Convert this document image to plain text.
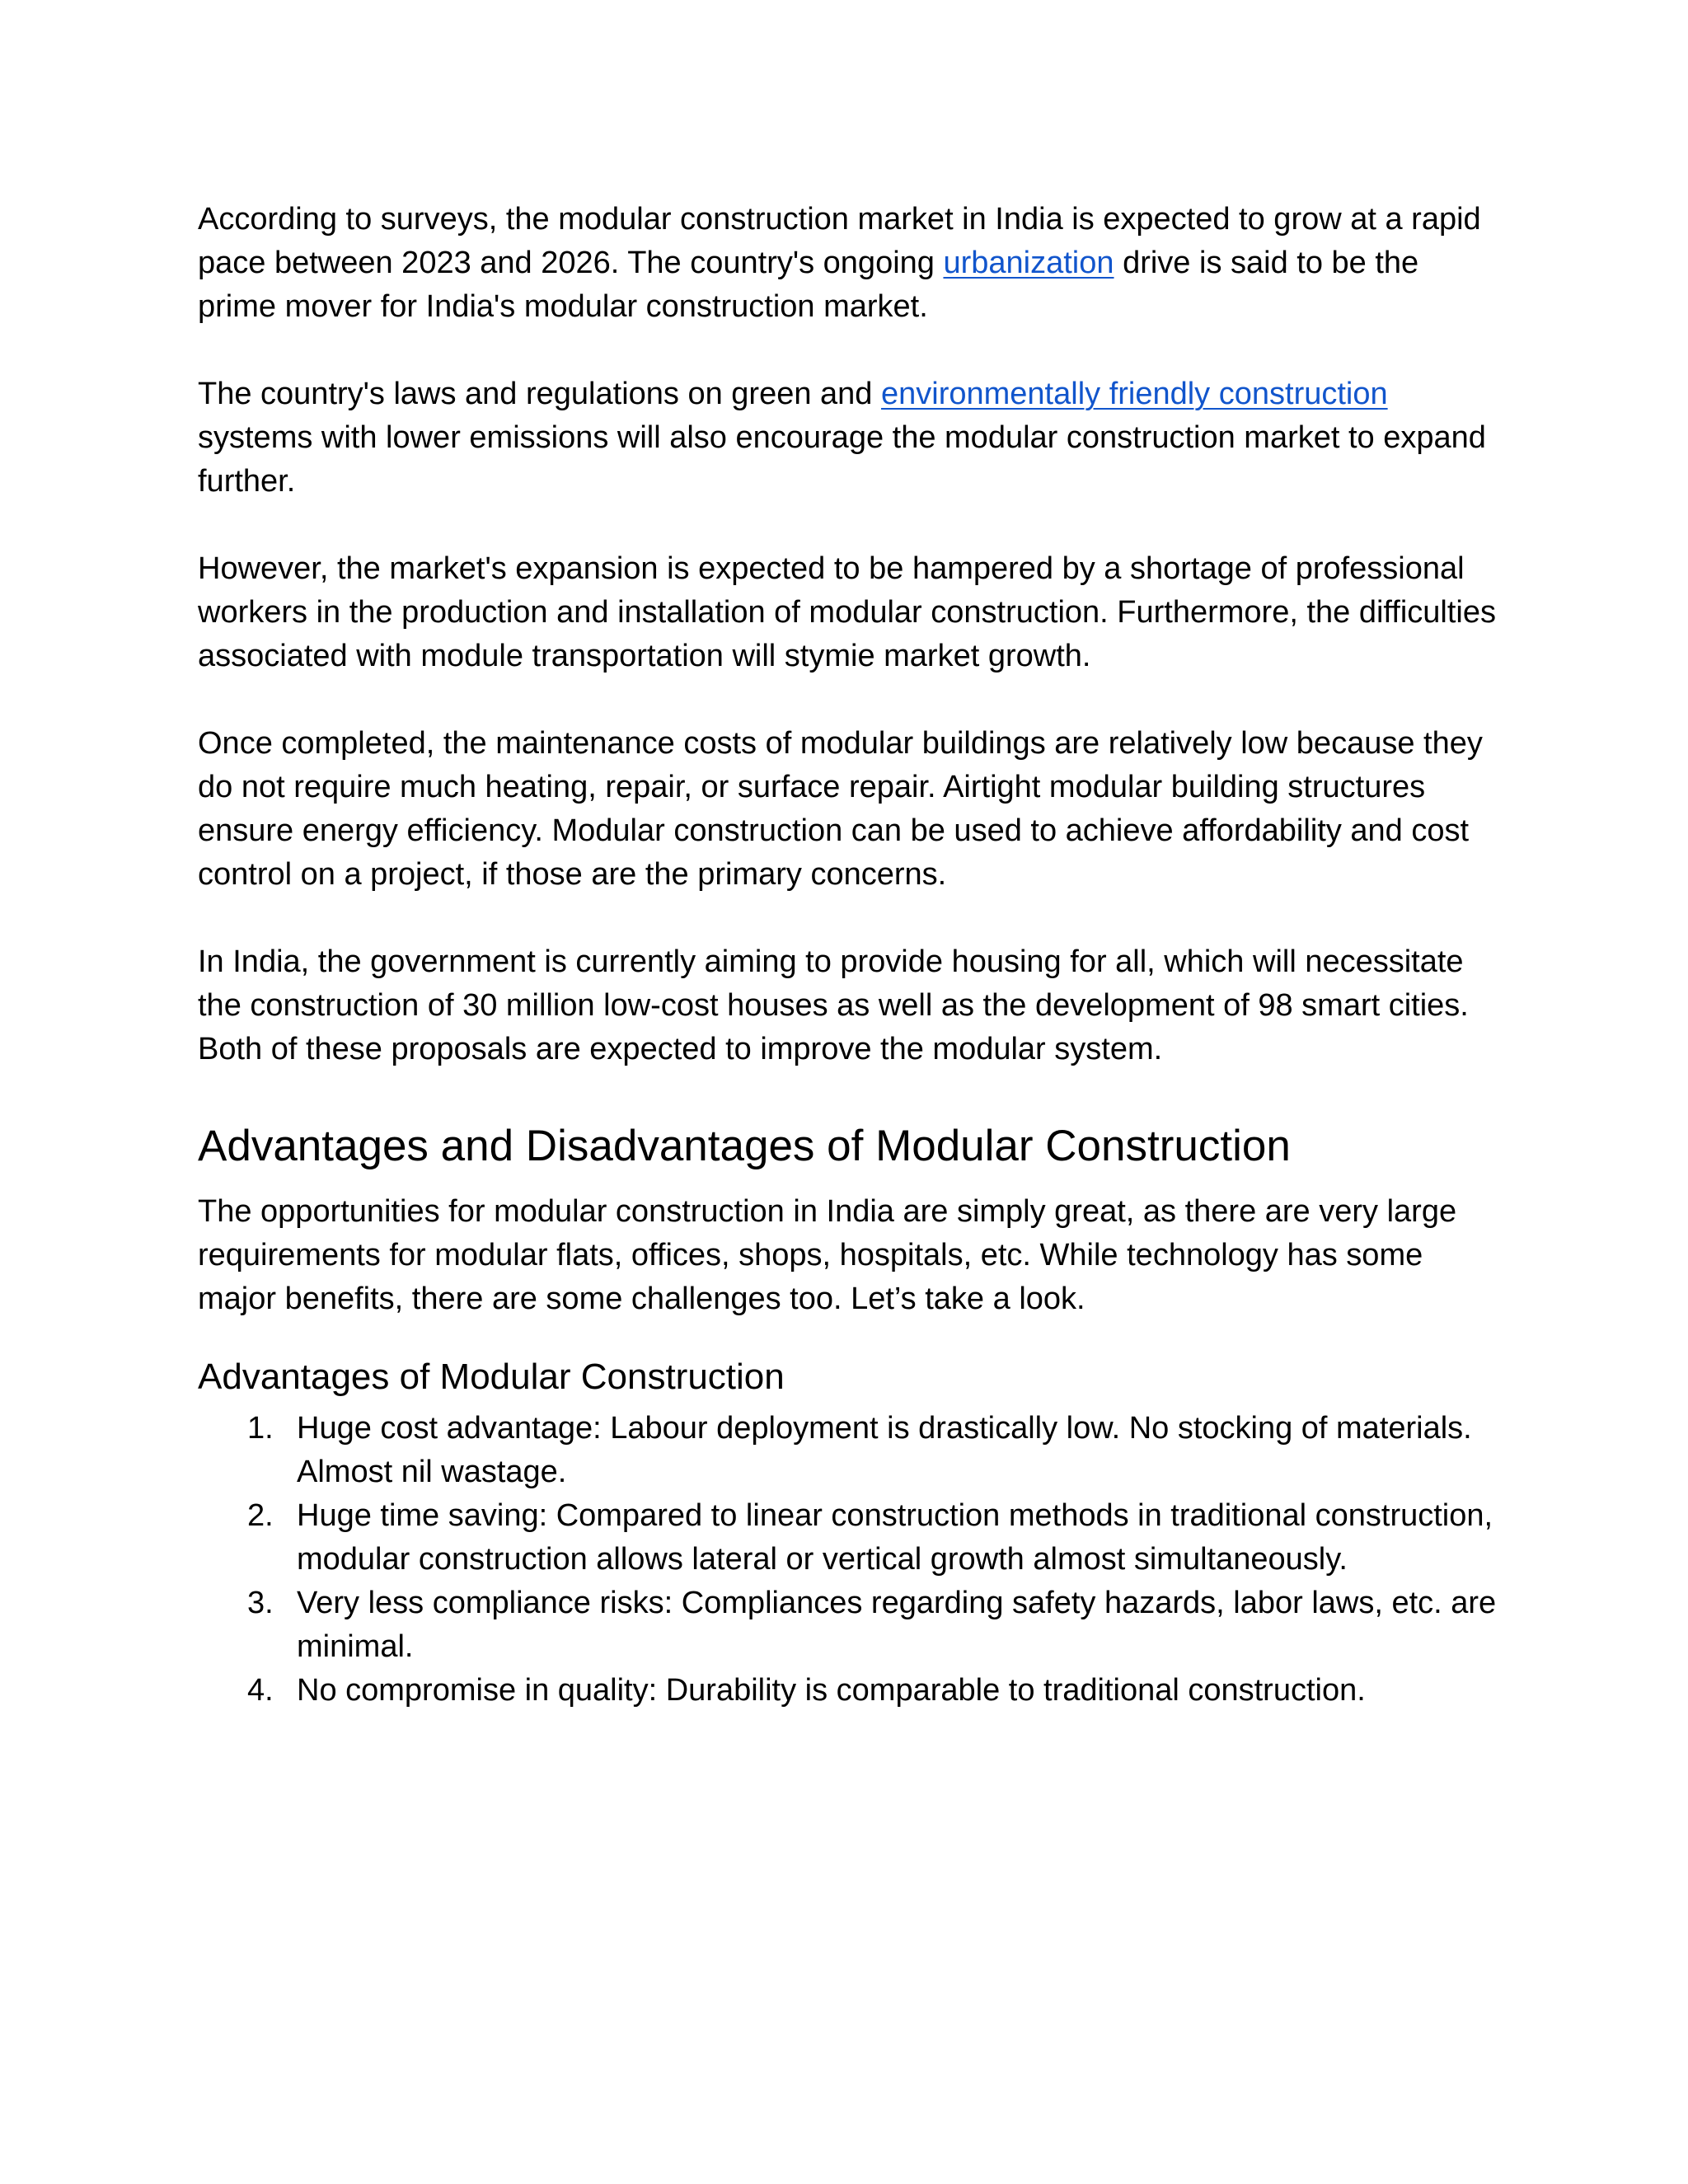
According to surveys, the modular construction market in India is expected to grow at a rapid pace between 2023 and 2026. The country's ongoing urbanization drive is said to be the prime mover for India's modular construction market.

The country's laws and regulations on green and environmentally friendly construction systems with lower emissions will also encourage the modular construction market to expand further.

However, the market's expansion is expected to be hampered by a shortage of professional workers in the production and installation of modular construction. Furthermore, the difficulties associated with module transportation will stymie market growth.

Once completed, the maintenance costs of modular buildings are relatively low because they do not require much heating, repair, or surface repair. Airtight modular building structures ensure energy efficiency. Modular construction can be used to achieve affordability and cost control on a project, if those are the primary concerns.

In India, the government is currently aiming to provide housing for all, which will necessitate the construction of 30 million low-cost houses as well as the development of 98 smart cities. Both of these proposals are expected to improve the modular system.

Advantages and Disadvantages of Modular Construction

The opportunities for modular construction in India are simply great, as there are very large requirements for modular flats, offices, shops, hospitals, etc. While technology has some major benefits, there are some challenges too. Let’s take a look.

Advantages of Modular Construction
1. Huge cost advantage: Labour deployment is drastically low. No stocking of materials. Almost nil wastage.
2. Huge time saving: Compared to linear construction methods in traditional construction, modular construction allows lateral or vertical growth almost simultaneously.
3. Very less compliance risks: Compliances regarding safety hazards, labor laws, etc. are minimal.
4. No compromise in quality: Durability is comparable to traditional construction.
